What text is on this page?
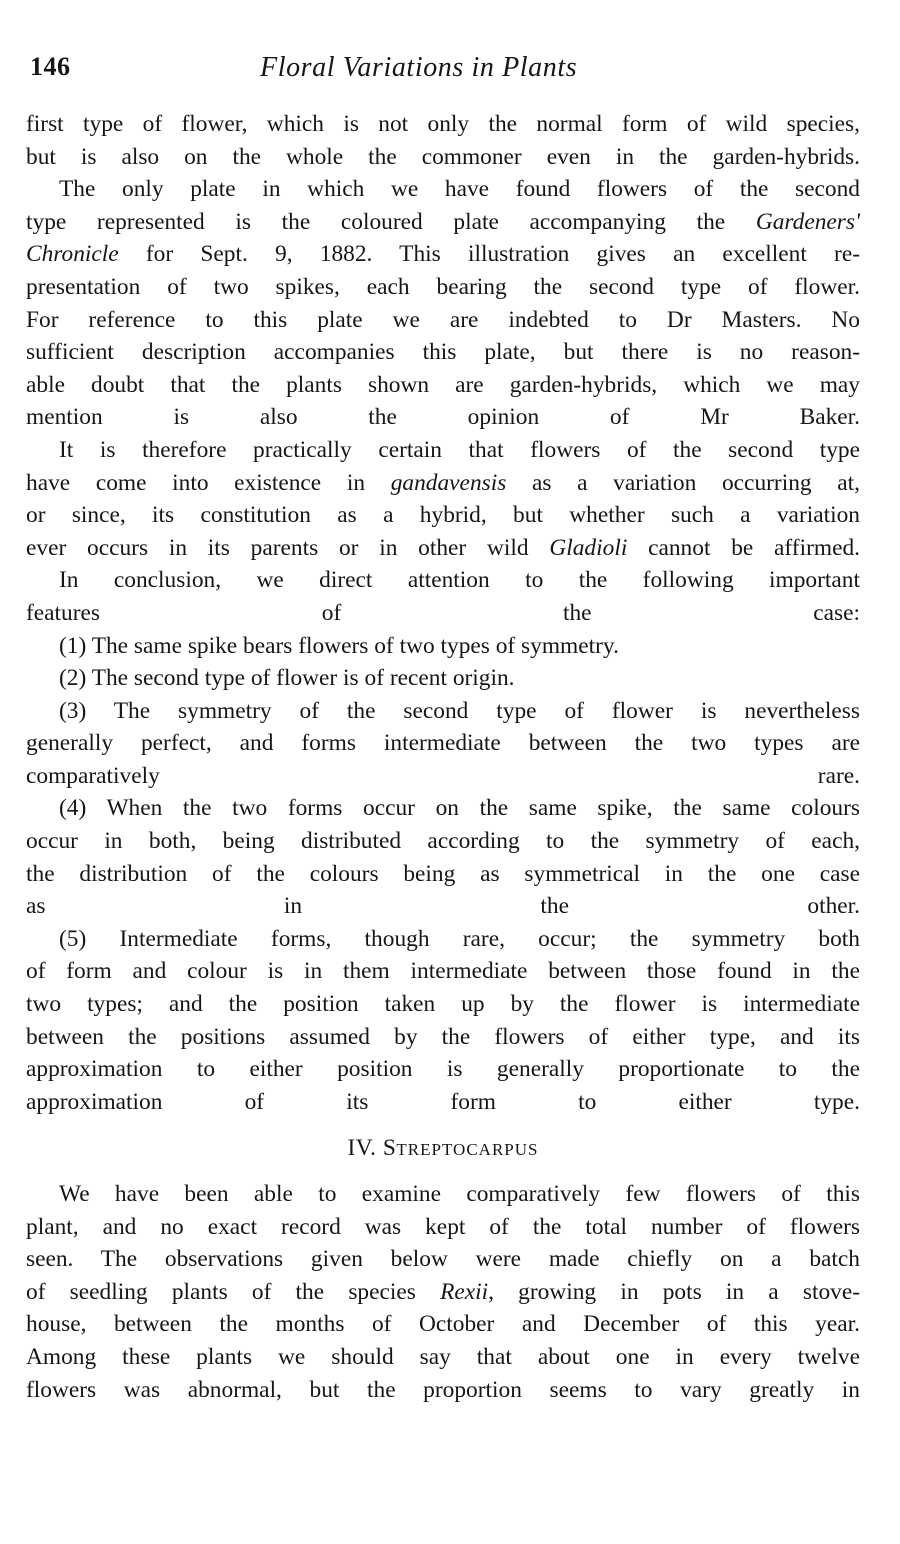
146	Floral Variations in Plants

first type of flower, which is not only the normal form of wild species,
but is also on the whole the commoner even in the garden-hybrids.

The only plate in which we have found flowers of the second
type represented is the coloured plate accompanying the Gardeners'
Chronicle for Sept. 9, 1882. This illustration gives an excellent re-
presentation of two spikes, each bearing the second type of flower.
For reference to this plate we are indebted to Dr Masters. No
sufficient description accompanies this plate, but there is no reason-
able doubt that the plants shown are garden-hybrids, which we may
mention is also the opinion of Mr Baker.

It is therefore practically certain that flowers of the second type
have come into existence in gandavensis as a variation occurring at,
or since, its constitution as a hybrid, but whether such a variation
ever occurs in its parents or in other wild Gladioli cannot be affirmed.

In conclusion, we direct attention to the following important
features of the case:

(1) The same spike bears flowers of two types of symmetry.

(2) The second type of flower is of recent origin.

(3) The symmetry of the second type of flower is nevertheless
generally perfect, and forms intermediate between the two types are
comparatively rare.

(4) When the two forms occur on the same spike, the same colours
occur in both, being distributed according to the symmetry of each,
the distribution of the colours being as symmetrical in the one case
as in the other.

(5) Intermediate forms, though rare, occur; the symmetry both
of form and colour is in them intermediate between those found in the
two types; and the position taken up by the flower is intermediate
between the positions assumed by the flowers of either type, and its
approximation to either position is generally proportionate to the
approximation of its form to either type.

IV. STREPTOCARPUS

We have been able to examine comparatively few flowers of this
plant, and no exact record was kept of the total number of flowers
seen. The observations given below were made chiefly on a batch
of seedling plants of the species Rexii, growing in pots in a stove-
house, between the months of October and December of this year.
Among these plants we should say that about one in every twelve
flowers was abnormal, but the proportion seems to vary greatly in
